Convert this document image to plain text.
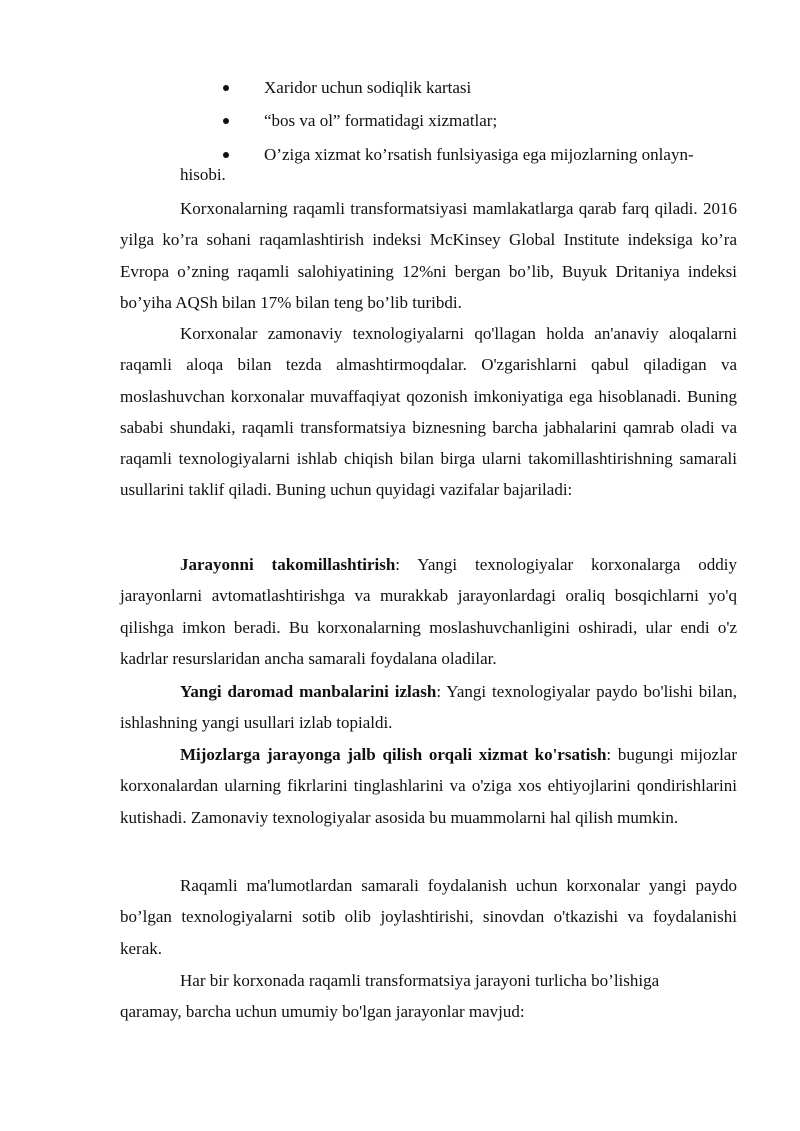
Xaridor uchun sodiqlik kartasi
“bos va ol” formatidagi xizmatlar;
O’ziga xizmat ko’rsatish funlsiyasiga ega mijozlarning onlayn-
hisobi.

Korxonalarning raqamli transformatsiyasi mamlakatlarga qarab farq qiladi. 2016 yilga ko’ra sohani raqamlashtirish indeksi McKinsey Global Institute indeksiga ko’ra Evropa o’zning raqamli salohiyatining 12%ni bergan bo’lib, Buyuk Dritaniya indeksi bo’yiha AQSh bilan 17% bilan teng bo’lib turibdi.

Korxonalar zamonaviy texnologiyalarni qo'llagan holda an'anaviy aloqalarni raqamli aloqa bilan tezda almashtirmoqdalar. O'zgarishlarni qabul qiladigan va moslashuvchan korxonalar muvaffaqiyat qozonish imkoniyatiga ega hisoblanadi. Buning sababi shundaki, raqamli transformatsiya biznesning barcha jabhalarini qamrab oladi va raqamli texnologiyalarni ishlab chiqish bilan birga ularni takomillashtirishning samarali usullarini taklif qiladi. Buning uchun quyidagi vazifalar bajariladi:

Jarayonni takomillashtirish: Yangi texnologiyalar korxonalarga oddiy jarayonlarni avtomatlashtirishga va murakkab jarayonlardagi oraliq bosqichlarni yo'q qilishga imkon beradi. Bu korxonalarning moslashuvchanligini oshiradi, ular endi o'z kadrlar resurslaridan ancha samarali foydalana oladilar.

Yangi daromad manbalarini izlash: Yangi texnologiyalar paydo bo'lishi bilan, ishlashning yangi usullari izlab topialdi.

Mijozlarga jarayonga jalb qilish orqali xizmat ko'rsatish: bugungi mijozlar korxonalardan ularning fikrlarini tinglashlarini va o'ziga xos ehtiyojlarini qondirishlarini kutishadi. Zamonaviy texnologiyalar asosida bu muammolarni hal qilish mumkin.

Raqamli ma'lumotlardan samarali foydalanish uchun korxonalar yangi paydo bo’lgan texnologiyalarni sotib olib joylashtirishi, sinovdan o'tkazishi va foydalanishi kerak.

Har bir korxonada raqamli transformatsiya jarayoni turlicha bo’lishiga qaramay, barcha uchun umumiy bo'lgan jarayonlar mavjud:
